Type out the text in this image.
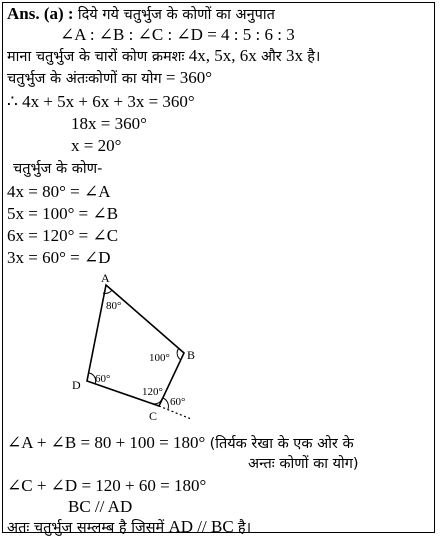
Ans. (a) : दिये गये चतुर्भुज के कोणों का अनुपात
∠A : ∠B : ∠C : ∠D = 4 : 5 : 6 : 3
माना चतुर्भुज के चारों कोण क्रमशः 4x, 5x, 6x और 3x है।
चतुर्भुज के अंतःकोणों का योग = 360°
∴ 4x + 5x + 6x + 3x = 360°
18x = 360°
x = 20°
चतुर्भुज के कोण-
4x = 80° = ∠A
5x = 100° = ∠B
6x = 120° = ∠C
3x = 60° = ∠D
A
B
C
D
80°
100°
120°
60°
60°
∠A + ∠B = 80 + 100 = 180° (तिर्यक रेखा के एक ओर के
अन्तः कोणों का योग)
∠C + ∠D = 120 + 60 = 180°
BC // AD
अतः चतुर्भुज सम्लम्ब है जिसमें AD // BC है।
